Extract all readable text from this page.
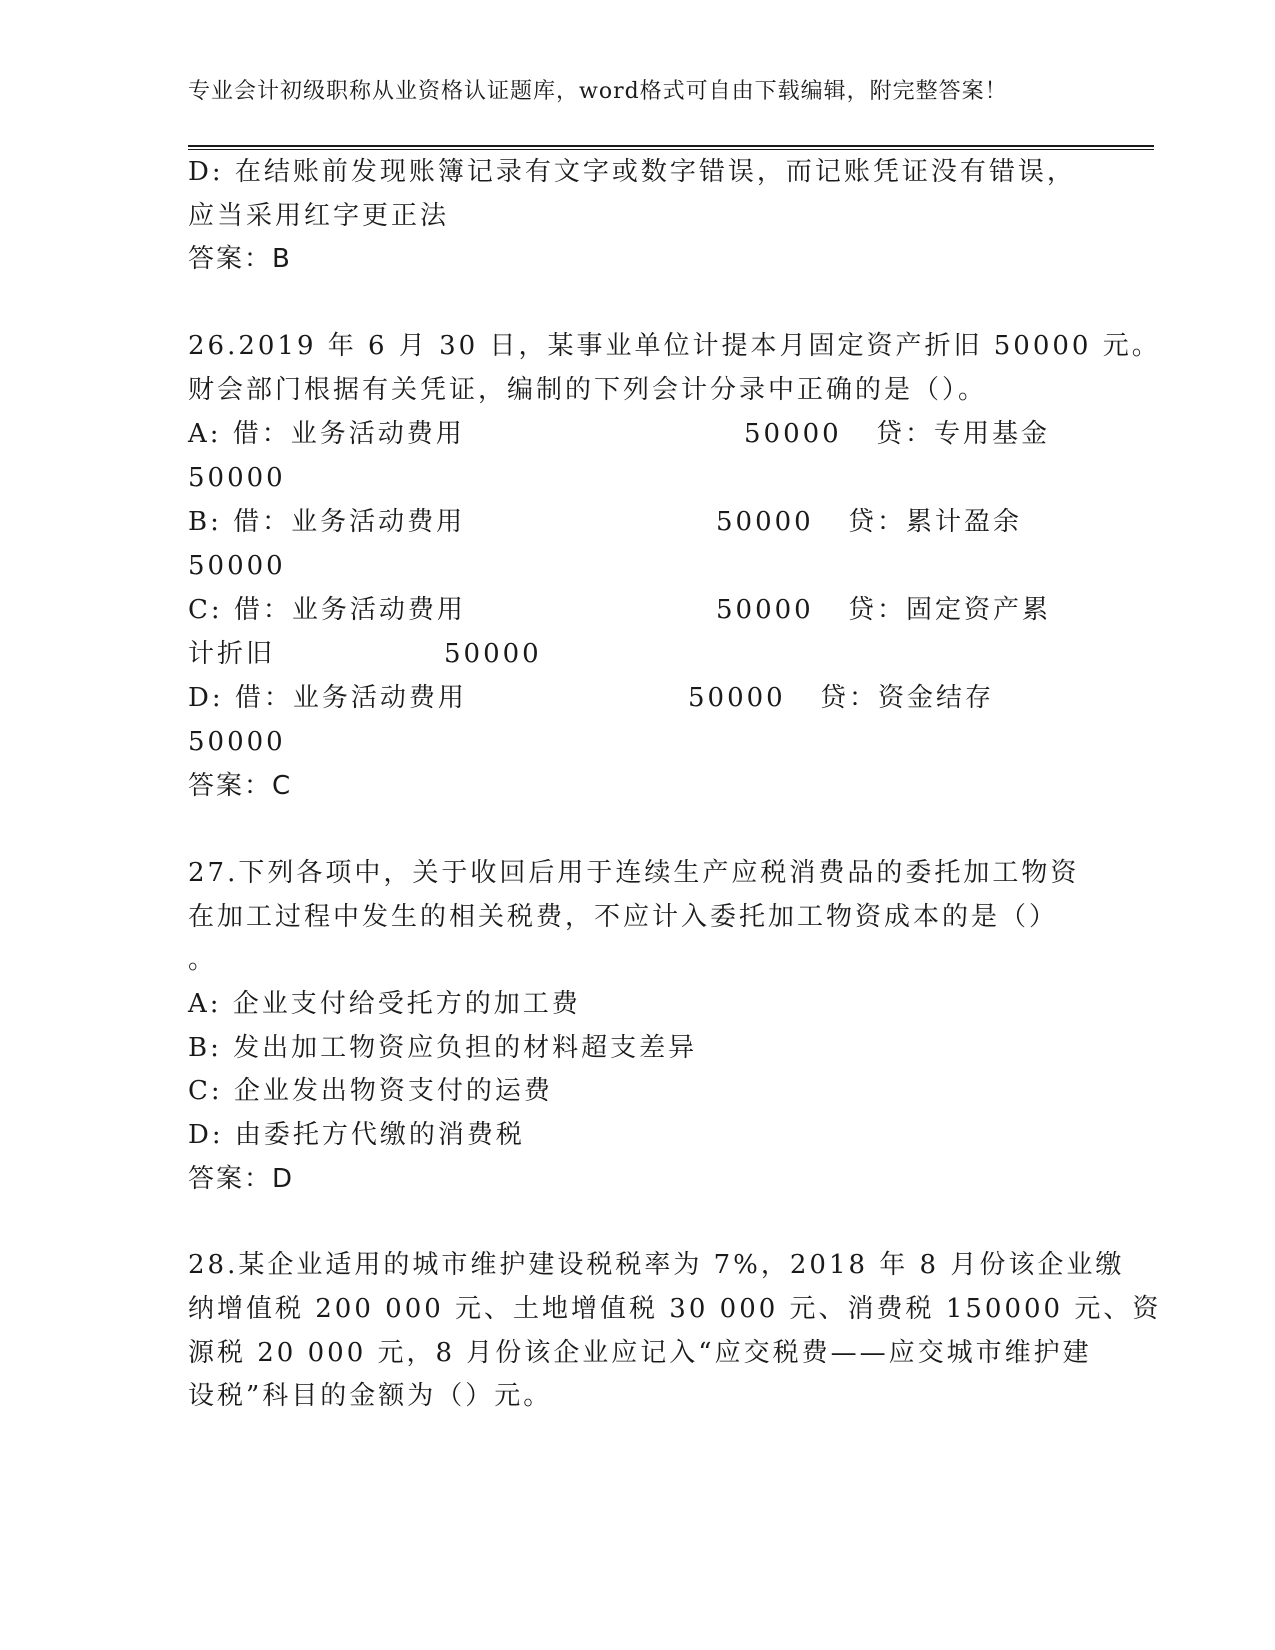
专业会计初级职称从业资格认证题库，word格式可自由下载编辑，附完整答案！
D: 在结账前发现账簿记录有文字或数字错误，而记账凭证没有错误，
应当采用红字更正法
答案：B
26.2019 年 6 月 30 日，某事业单位计提本月固定资产折旧 50000 元。
财会部门根据有关凭证，编制的下列会计分录中正确的是（）。
A: 借：业务活动费用	50000 贷：专用基金
50000
B: 借：业务活动费用	50000 贷：累计盈余
50000
C: 借：业务活动费用	50000 贷：固定资产累
计折旧	50000
D: 借：业务活动费用	50000 贷：资金结存
50000
答案：C
27.下列各项中，关于收回后用于连续生产应税消费品的委托加工物资
在加工过程中发生的相关税费，不应计入委托加工物资成本的是（）
。
A: 企业支付给受托方的加工费
B: 发出加工物资应负担的材料超支差异
C: 企业发出物资支付的运费
D: 由委托方代缴的消费税
答案：D
28.某企业适用的城市维护建设税税率为 7%，2018 年 8 月份该企业缴
纳增值税 200 000 元、土地增值税 30 000 元、消费税 150000 元、资
源税 20 000 元，8 月份该企业应记入“应交税费——应交城市维护建
设税”科目的金额为（）元。
